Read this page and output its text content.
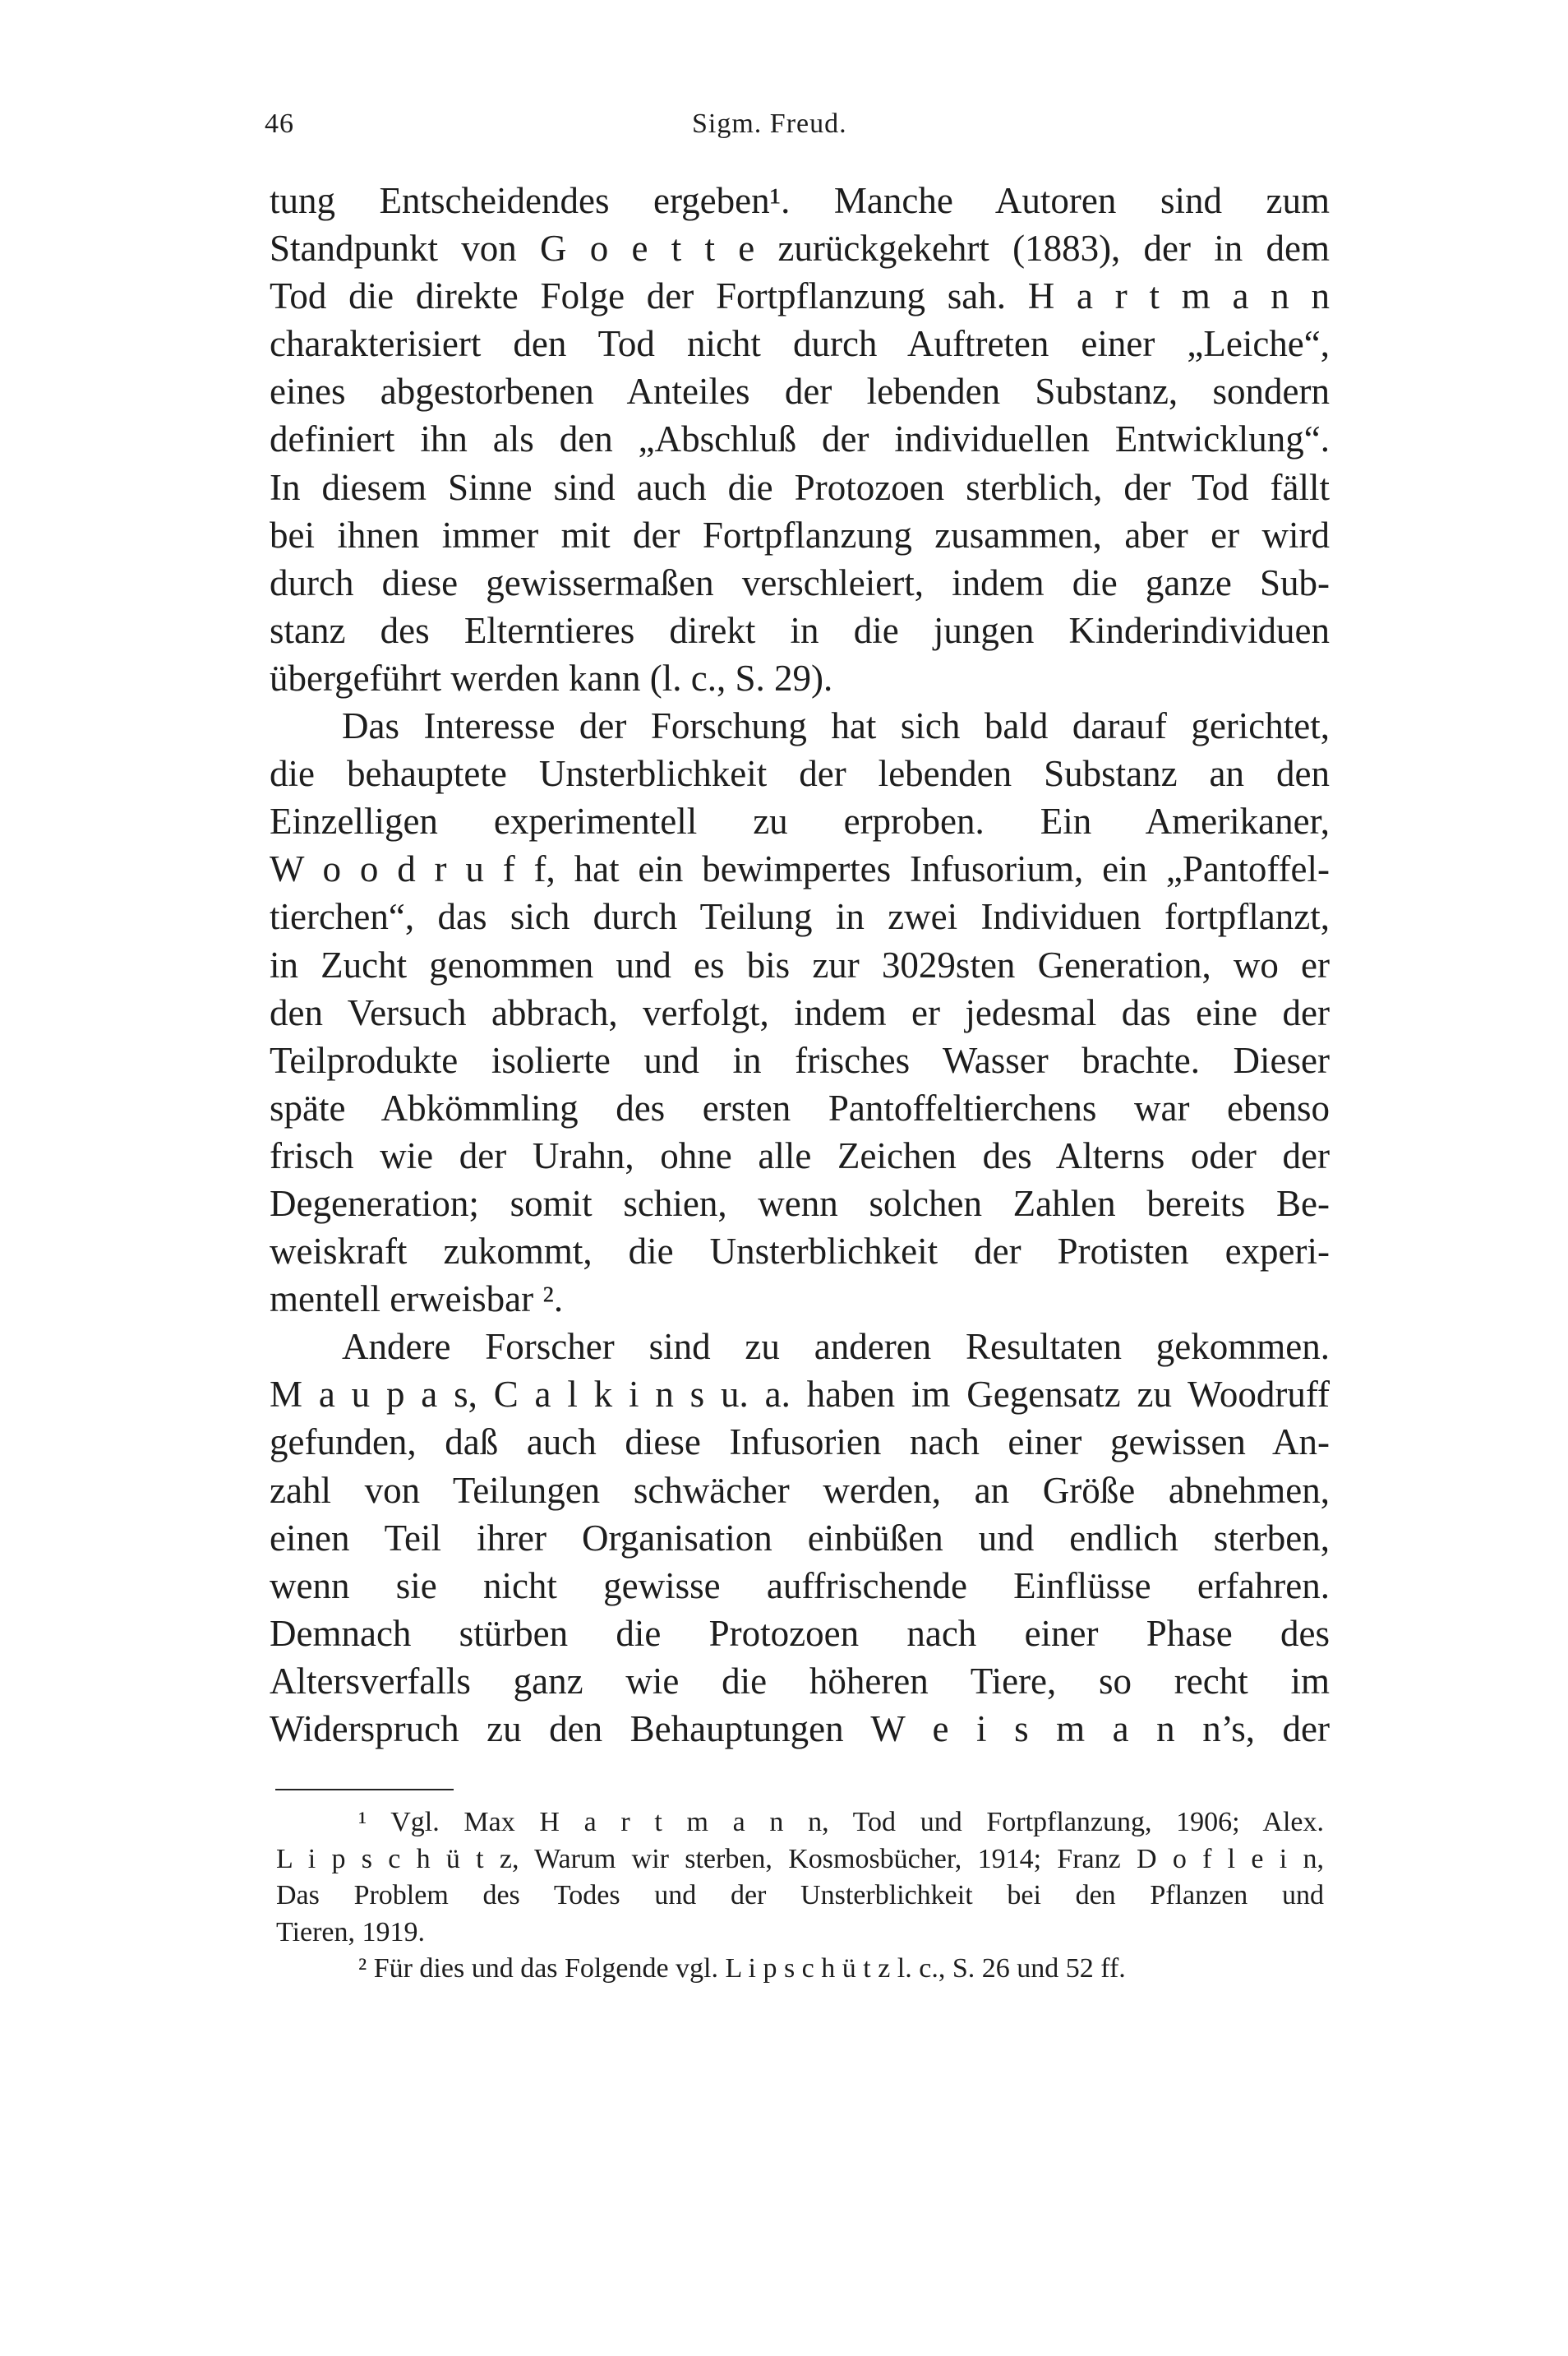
46	Sigm. Freud.
tung Entscheidendes ergeben¹. Manche Autoren sind zum
Standpunkt von G o e t t e zurückgekehrt (1883), der in dem
Tod die direkte Folge der Fortpflanzung sah. H a r t m a n n
charakterisiert den Tod nicht durch Auftreten einer „Leiche“,
eines abgestorbenen Anteiles der lebenden Substanz, sondern
definiert ihn als den „Abschluß der individuellen Entwicklung“.
In diesem Sinne sind auch die Protozoen sterblich, der Tod fällt
bei ihnen immer mit der Fortpflanzung zusammen, aber er wird
durch diese gewissermaßen verschleiert, indem die ganze Sub-
stanz des Elterntieres direkt in die jungen Kinderindividuen
übergeführt werden kann (l. c., S. 29).
Das Interesse der Forschung hat sich bald darauf gerichtet,
die behauptete Unsterblichkeit der lebenden Substanz an den
Einzelligen experimentell zu erproben. Ein Amerikaner,
W o o d r u f f, hat ein bewimpertes Infusorium, ein „Pantoffel-
tierchen“, das sich durch Teilung in zwei Individuen fortpflanzt,
in Zucht genommen und es bis zur 3029sten Generation, wo er
den Versuch abbrach, verfolgt, indem er jedesmal das eine der
Teilprodukte isolierte und in frisches Wasser brachte. Dieser
späte Abkömmling des ersten Pantoffeltierchens war ebenso
frisch wie der Urahn, ohne alle Zeichen des Alterns oder der
Degeneration; somit schien, wenn solchen Zahlen bereits Be-
weiskraft zukommt, die Unsterblichkeit der Protisten experi-
mentell erweisbar ².
Andere Forscher sind zu anderen Resultaten gekommen.
M a u p a s, C a l k i n s u. a. haben im Gegensatz zu Woodruff
gefunden, daß auch diese Infusorien nach einer gewissen An-
zahl von Teilungen schwächer werden, an Größe abnehmen,
einen Teil ihrer Organisation einbüßen und endlich sterben,
wenn sie nicht gewisse auffrischende Einflüsse erfahren.
Demnach stürben die Protozoen nach einer Phase des
Altersverfalls ganz wie die höheren Tiere, so recht im
Widerspruch zu den Behauptungen W e i s m a n n’s, der
¹ Vgl. Max H a r t m a n n, Tod und Fortpflanzung, 1906; Alex.
L i p s c h ü t z, Warum wir sterben, Kosmosbücher, 1914; Franz D o f l e i n,
Das Problem des Todes und der Unsterblichkeit bei den Pflanzen und
Tieren, 1919.
² Für dies und das Folgende vgl. L i p s c h ü t z l. c., S. 26 und 52 ff.
